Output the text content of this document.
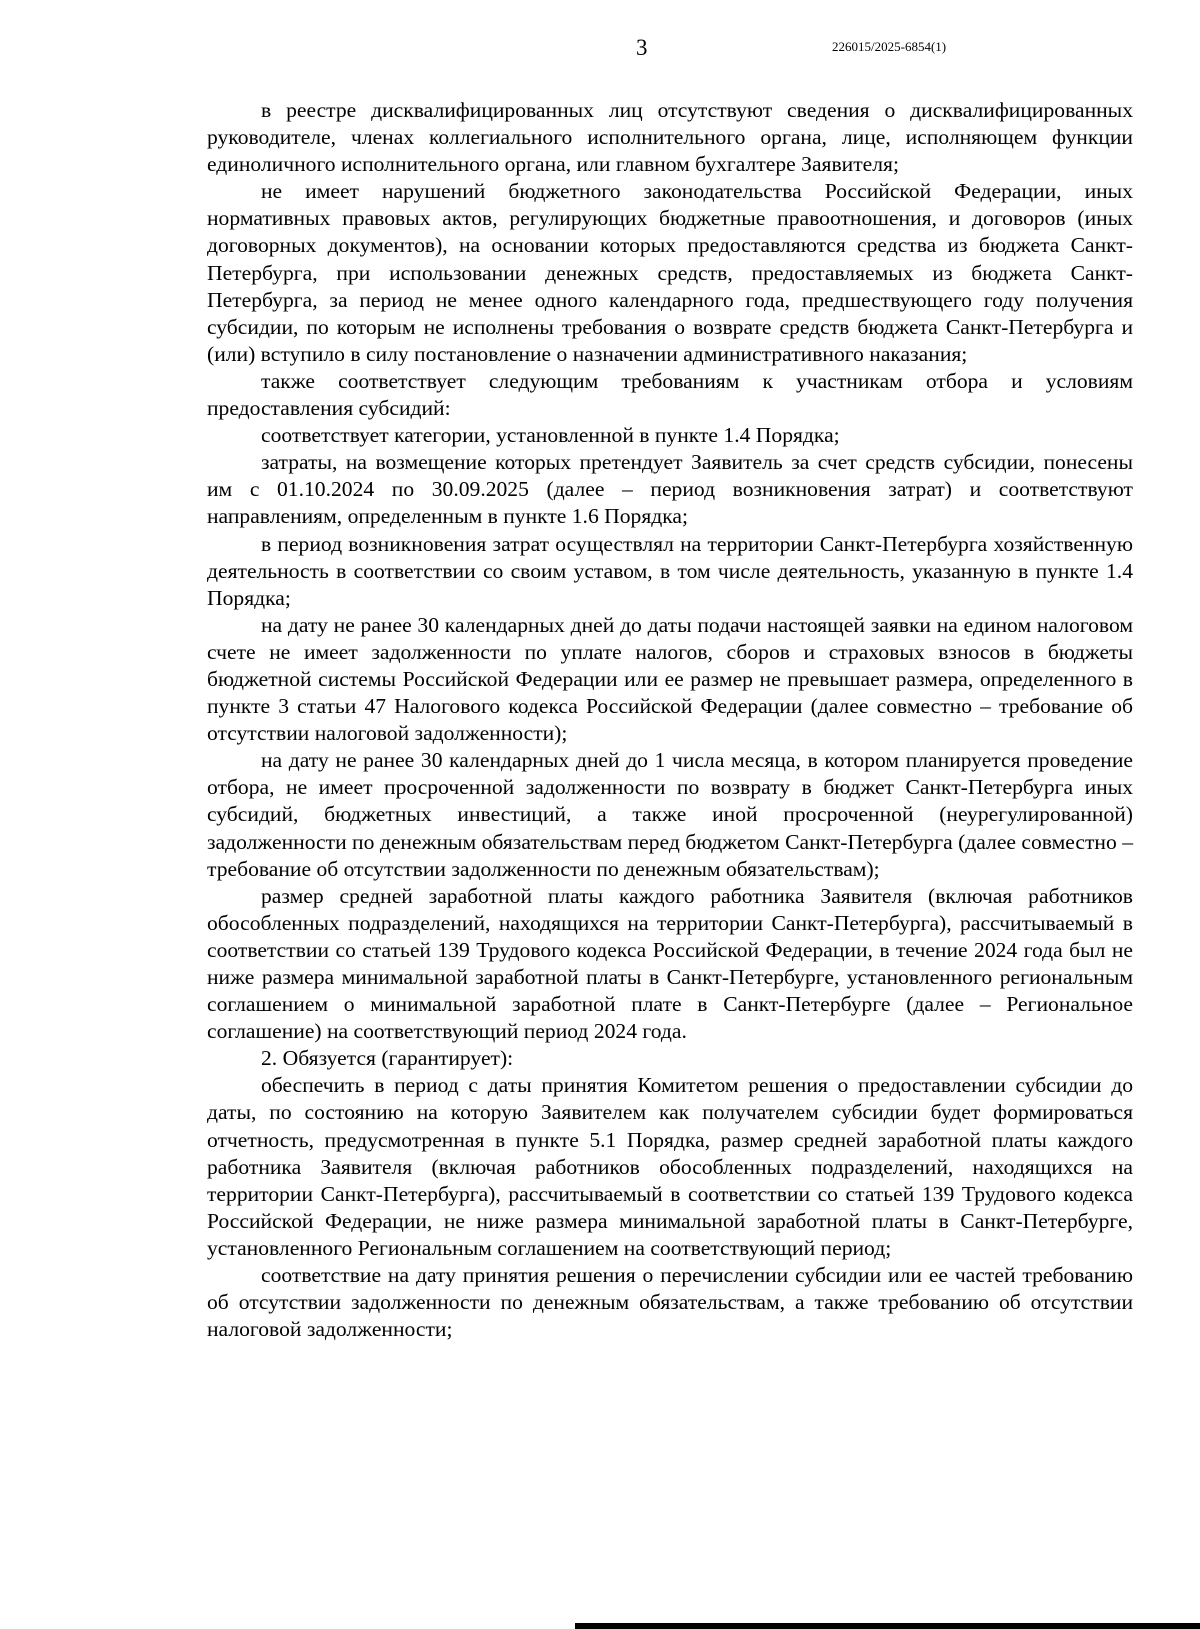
3	226015/2025-6854(1)

в реестре дисквалифицированных лиц отсутствуют сведения о дисквалифицированных руководителе, членах коллегиального исполнительного органа, лице, исполняющем функции единоличного исполнительного органа, или главном бухгалтере Заявителя;

не имеет нарушений бюджетного законодательства Российской Федерации, иных нормативных правовых актов, регулирующих бюджетные правоотношения, и договоров (иных договорных документов), на основании которых предоставляются средства из бюджета Санкт-Петербурга, при использовании денежных средств, предоставляемых из бюджета Санкт-Петербурга, за период не менее одного календарного года, предшествующего году получения субсидии, по которым не исполнены требования о возврате средств бюджета Санкт-Петербурга и (или) вступило в силу постановление о назначении административного наказания;

также соответствует следующим требованиям к участникам отбора и условиям предоставления субсидий:

соответствует категории, установленной в пункте 1.4 Порядка;

затраты, на возмещение которых претендует Заявитель за счет средств субсидии, понесены им с 01.10.2024 по 30.09.2025 (далее – период возникновения затрат) и соответствуют направлениям, определенным в пункте 1.6 Порядка;

в период возникновения затрат осуществлял на территории Санкт-Петербурга хозяйственную деятельность в соответствии со своим уставом, в том числе деятельность, указанную в пункте 1.4 Порядка;

на дату не ранее 30 календарных дней до даты подачи настоящей заявки на едином налоговом счете не имеет задолженности по уплате налогов, сборов и страховых взносов в бюджеты бюджетной системы Российской Федерации или ее размер не превышает размера, определенного в пункте 3 статьи 47 Налогового кодекса Российской Федерации (далее совместно – требование об отсутствии налоговой задолженности);

на дату не ранее 30 календарных дней до 1 числа месяца, в котором планируется проведение отбора, не имеет просроченной задолженности по возврату в бюджет Санкт-Петербурга иных субсидий, бюджетных инвестиций, а также иной просроченной (неурегулированной) задолженности по денежным обязательствам перед бюджетом Санкт-Петербурга (далее совместно – требование об отсутствии задолженности по денежным обязательствам);

размер средней заработной платы каждого работника Заявителя (включая работников обособленных подразделений, находящихся на территории Санкт-Петербурга), рассчитываемый в соответствии со статьей 139 Трудового кодекса Российской Федерации, в течение 2024 года был не ниже размера минимальной заработной платы в Санкт-Петербурге, установленного региональным соглашением о минимальной заработной плате в Санкт-Петербурге (далее – Региональное соглашение) на соответствующий период 2024 года.

2. Обязуется (гарантирует):

обеспечить в период с даты принятия Комитетом решения о предоставлении субсидии до даты, по состоянию на которую Заявителем как получателем субсидии будет формироваться отчетность, предусмотренная в пункте 5.1 Порядка, размер средней заработной платы каждого работника Заявителя (включая работников обособленных подразделений, находящихся на территории Санкт-Петербурга), рассчитываемый в соответствии со статьей 139 Трудового кодекса Российской Федерации, не ниже размера минимальной заработной платы в Санкт-Петербурге, установленного Региональным соглашением на соответствующий период;

соответствие на дату принятия решения о перечислении субсидии или ее частей требованию об отсутствии задолженности по денежным обязательствам, а также требованию об отсутствии налоговой задолженности;
